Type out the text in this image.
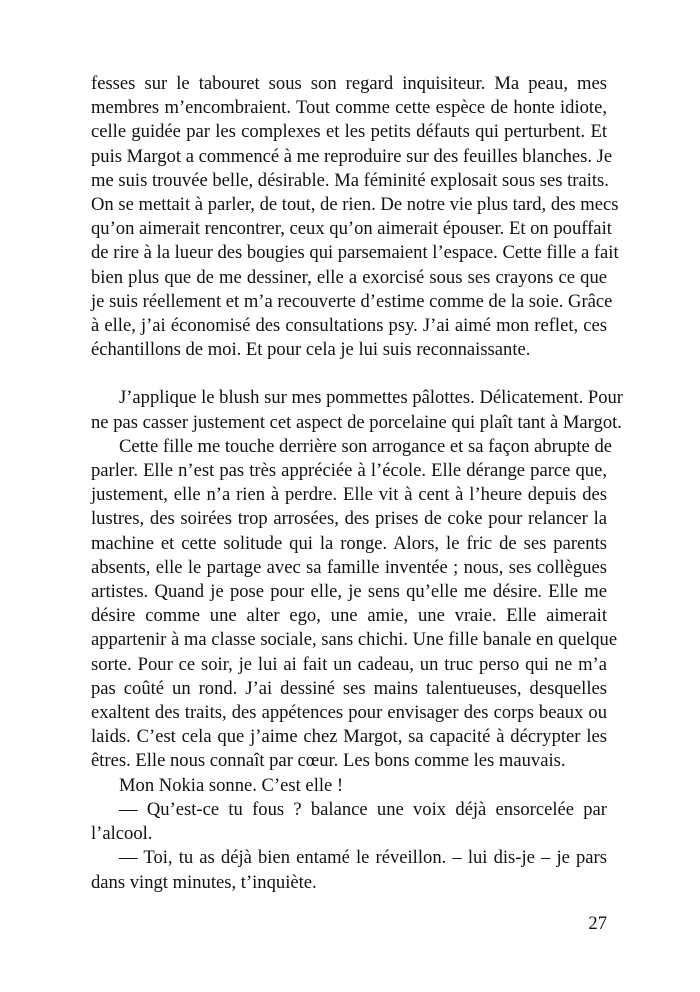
fesses sur le tabouret sous son regard inquisiteur. Ma peau, mes
membres m’encombraient. Tout comme cette espèce de honte idiote,
celle guidée par les complexes et les petits défauts qui perturbent. Et
puis Margot a commencé à me reproduire sur des feuilles blanches. Je
me suis trouvée belle, désirable. Ma féminité explosait sous ses traits.
On se mettait à parler, de tout, de rien. De notre vie plus tard, des mecs
qu’on aimerait rencontrer, ceux qu’on aimerait épouser. Et on pouffait
de rire à la lueur des bougies qui parsemaient l’espace. Cette fille a fait
bien plus que de me dessiner, elle a exorcisé sous ses crayons ce que
je suis réellement et m’a recouverte d’estime comme de la soie. Grâce
à elle, j’ai économisé des consultations psy. J’ai aimé mon reflet, ces
échantillons de moi. Et pour cela je lui suis reconnaissante.

J’applique le blush sur mes pommettes pâlottes. Délicatement. Pour
ne pas casser justement cet aspect de porcelaine qui plaît tant à Margot.

Cette fille me touche derrière son arrogance et sa façon abrupte de
parler. Elle n’est pas très appréciée à l’école. Elle dérange parce que,
justement, elle n’a rien à perdre. Elle vit à cent à l’heure depuis des
lustres, des soirées trop arrosées, des prises de coke pour relancer la
machine et cette solitude qui la ronge. Alors, le fric de ses parents
absents, elle le partage avec sa famille inventée ; nous, ses collègues
artistes. Quand je pose pour elle, je sens qu’elle me désire. Elle me
désire comme une alter ego, une amie, une vraie. Elle aimerait
appartenir à ma classe sociale, sans chichi. Une fille banale en quelque
sorte. Pour ce soir, je lui ai fait un cadeau, un truc perso qui ne m’a
pas coûté un rond. J’ai dessiné ses mains talentueuses, desquelles
exaltent des traits, des appétences pour envisager des corps beaux ou
laids. C’est cela que j’aime chez Margot, sa capacité à décrypter les
êtres. Elle nous connaît par cœur. Les bons comme les mauvais.

Mon Nokia sonne. C’est elle !

— Qu’est-ce tu fous ? balance une voix déjà ensorcelée par
l’alcool.

— Toi, tu as déjà bien entamé le réveillon. – lui dis-je – je pars
dans vingt minutes, t’inquiète.

27
